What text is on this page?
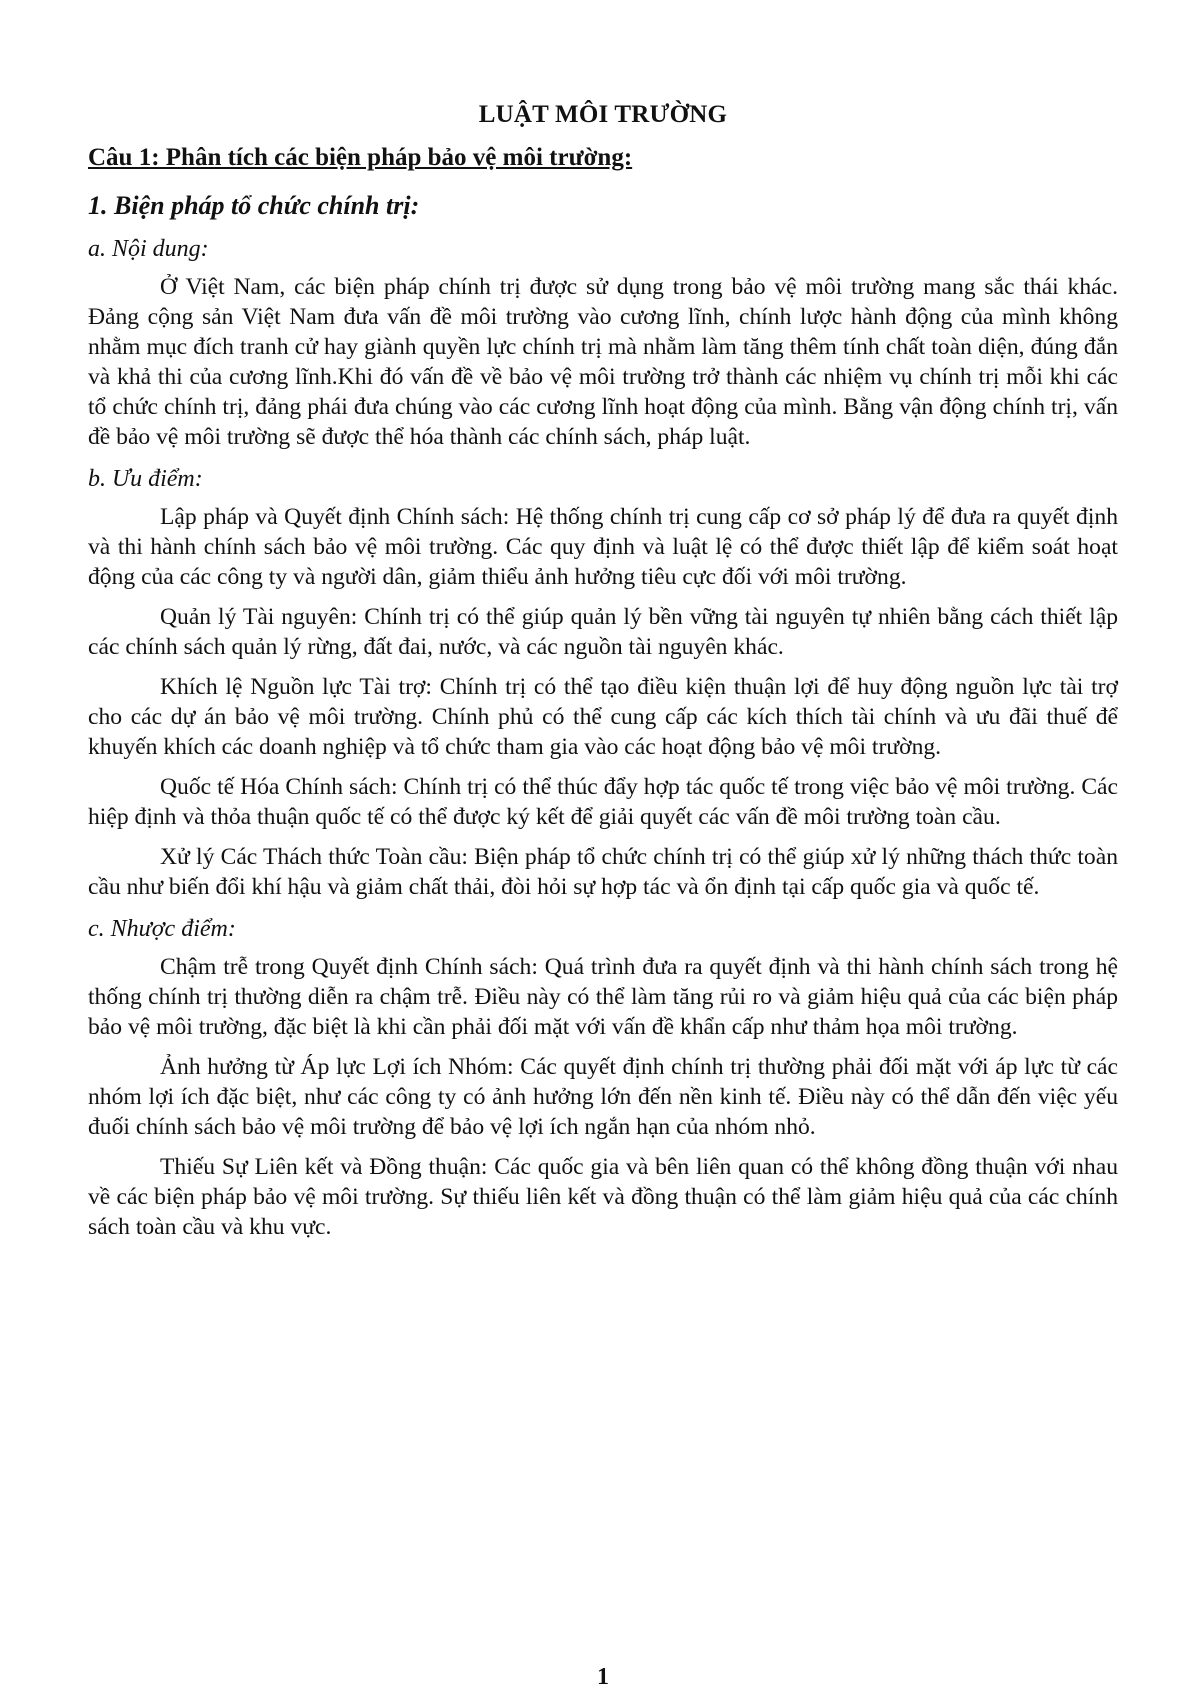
LUẬT MÔI TRƯỜNG
Câu 1: Phân tích các biện pháp bảo vệ môi trường:
1. Biện pháp tổ chức chính trị:
a. Nội dung:

Ở Việt Nam, các biện pháp chính trị được sử dụng trong bảo vệ môi trường mang sắc thái khác. Đảng cộng sản Việt Nam đưa vấn đề môi trường vào cương lĩnh, chính lược hành động của mình không nhằm mục đích tranh cử hay giành quyền lực chính trị mà nhằm làm tăng thêm tính chất toàn diện, đúng đắn và khả thi của cương lĩnh.Khi đó vấn đề về bảo vệ môi trường trở thành các nhiệm vụ chính trị mỗi khi các tổ chức chính trị, đảng phái đưa chúng vào các cương lĩnh hoạt động của mình. Bằng vận động chính trị, vấn đề bảo vệ môi trường sẽ được thể hóa thành các chính sách, pháp luật.

b. Ưu điểm:

Lập pháp và Quyết định Chính sách: Hệ thống chính trị cung cấp cơ sở pháp lý để đưa ra quyết định và thi hành chính sách bảo vệ môi trường. Các quy định và luật lệ có thể được thiết lập để kiểm soát hoạt động của các công ty và người dân, giảm thiểu ảnh hưởng tiêu cực đối với môi trường.

Quản lý Tài nguyên: Chính trị có thể giúp quản lý bền vững tài nguyên tự nhiên bằng cách thiết lập các chính sách quản lý rừng, đất đai, nước, và các nguồn tài nguyên khác.

Khích lệ Nguồn lực Tài trợ: Chính trị có thể tạo điều kiện thuận lợi để huy động nguồn lực tài trợ cho các dự án bảo vệ môi trường. Chính phủ có thể cung cấp các kích thích tài chính và ưu đãi thuế để khuyến khích các doanh nghiệp và tổ chức tham gia vào các hoạt động bảo vệ môi trường.

Quốc tế Hóa Chính sách: Chính trị có thể thúc đẩy hợp tác quốc tế trong việc bảo vệ môi trường. Các hiệp định và thỏa thuận quốc tế có thể được ký kết để giải quyết các vấn đề môi trường toàn cầu.

Xử lý Các Thách thức Toàn cầu: Biện pháp tổ chức chính trị có thể giúp xử lý những thách thức toàn cầu như biến đổi khí hậu và giảm chất thải, đòi hỏi sự hợp tác và ổn định tại cấp quốc gia và quốc tế.

c. Nhược điểm:

Chậm trễ trong Quyết định Chính sách: Quá trình đưa ra quyết định và thi hành chính sách trong hệ thống chính trị thường diễn ra chậm trễ. Điều này có thể làm tăng rủi ro và giảm hiệu quả của các biện pháp bảo vệ môi trường, đặc biệt là khi cần phải đối mặt với vấn đề khẩn cấp như thảm họa môi trường.

Ảnh hưởng từ Áp lực Lợi ích Nhóm: Các quyết định chính trị thường phải đối mặt với áp lực từ các nhóm lợi ích đặc biệt, như các công ty có ảnh hưởng lớn đến nền kinh tế. Điều này có thể dẫn đến việc yếu đuối chính sách bảo vệ môi trường để bảo vệ lợi ích ngắn hạn của nhóm nhỏ.

Thiếu Sự Liên kết và Đồng thuận: Các quốc gia và bên liên quan có thể không đồng thuận với nhau về các biện pháp bảo vệ môi trường. Sự thiếu liên kết và đồng thuận có thể làm giảm hiệu quả của các chính sách toàn cầu và khu vực.

1
